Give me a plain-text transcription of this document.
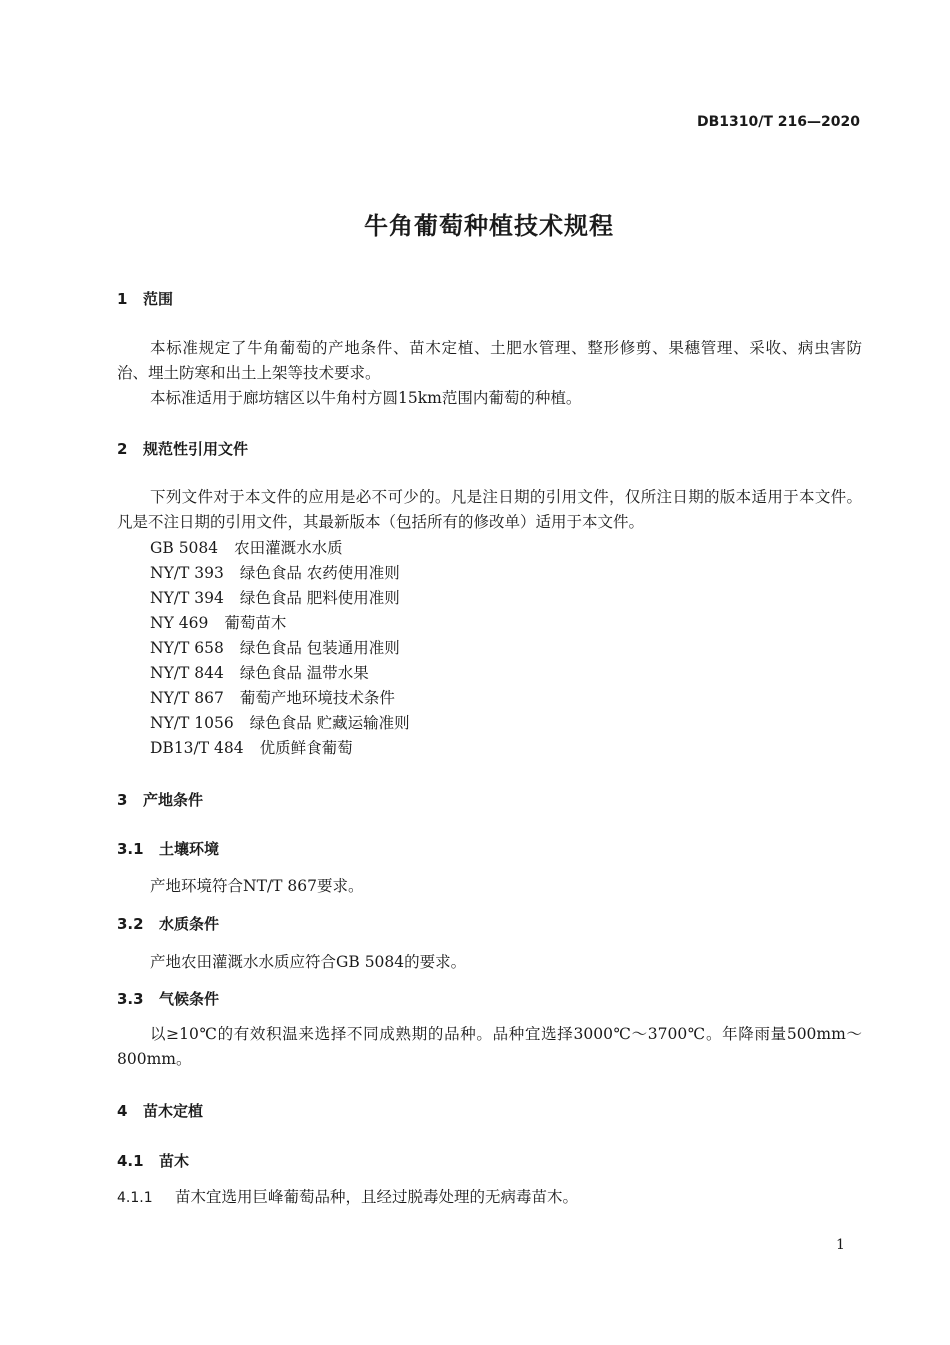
DB1310/T 216—2020
牛角葡萄种植技术规程
1 范围

本标准规定了牛角葡萄的产地条件、苗木定植、土肥水管理、整形修剪、果穗管理、采收、病虫害防治、埋土防寒和出土上架等技术要求。

本标准适用于廊坊辖区以牛角村方圆15km范围内葡萄的种植。
2 规范性引用文件

下列文件对于本文件的应用是必不可少的。凡是注日期的引用文件，仅所注日期的版本适用于本文件。凡是不注日期的引用文件，其最新版本（包括所有的修改单）适用于本文件。

GB 5084 农田灌溉水水质
NY/T 393 绿色食品 农药使用准则
NY/T 394 绿色食品 肥料使用准则
NY 469 葡萄苗木
NY/T 658 绿色食品 包装通用准则
NY/T 844 绿色食品 温带水果
NY/T 867 葡萄产地环境技术条件
NY/T 1056 绿色食品 贮藏运输准则
DB13/T 484 优质鲜食葡萄
3 产地条件
3.1 土壤环境
产地环境符合NT/T 867要求。
3.2 水质条件
产地农田灌溉水水质应符合GB 5084的要求。
3.3 气候条件

以≥10℃的有效积温来选择不同成熟期的品种。品种宜选择3000℃～3700℃。年降雨量500mm～800mm。

4 苗木定植
4.1 苗木
4.1.1 苗木宜选用巨峰葡萄品种，且经过脱毒处理的无病毒苗木。
1
